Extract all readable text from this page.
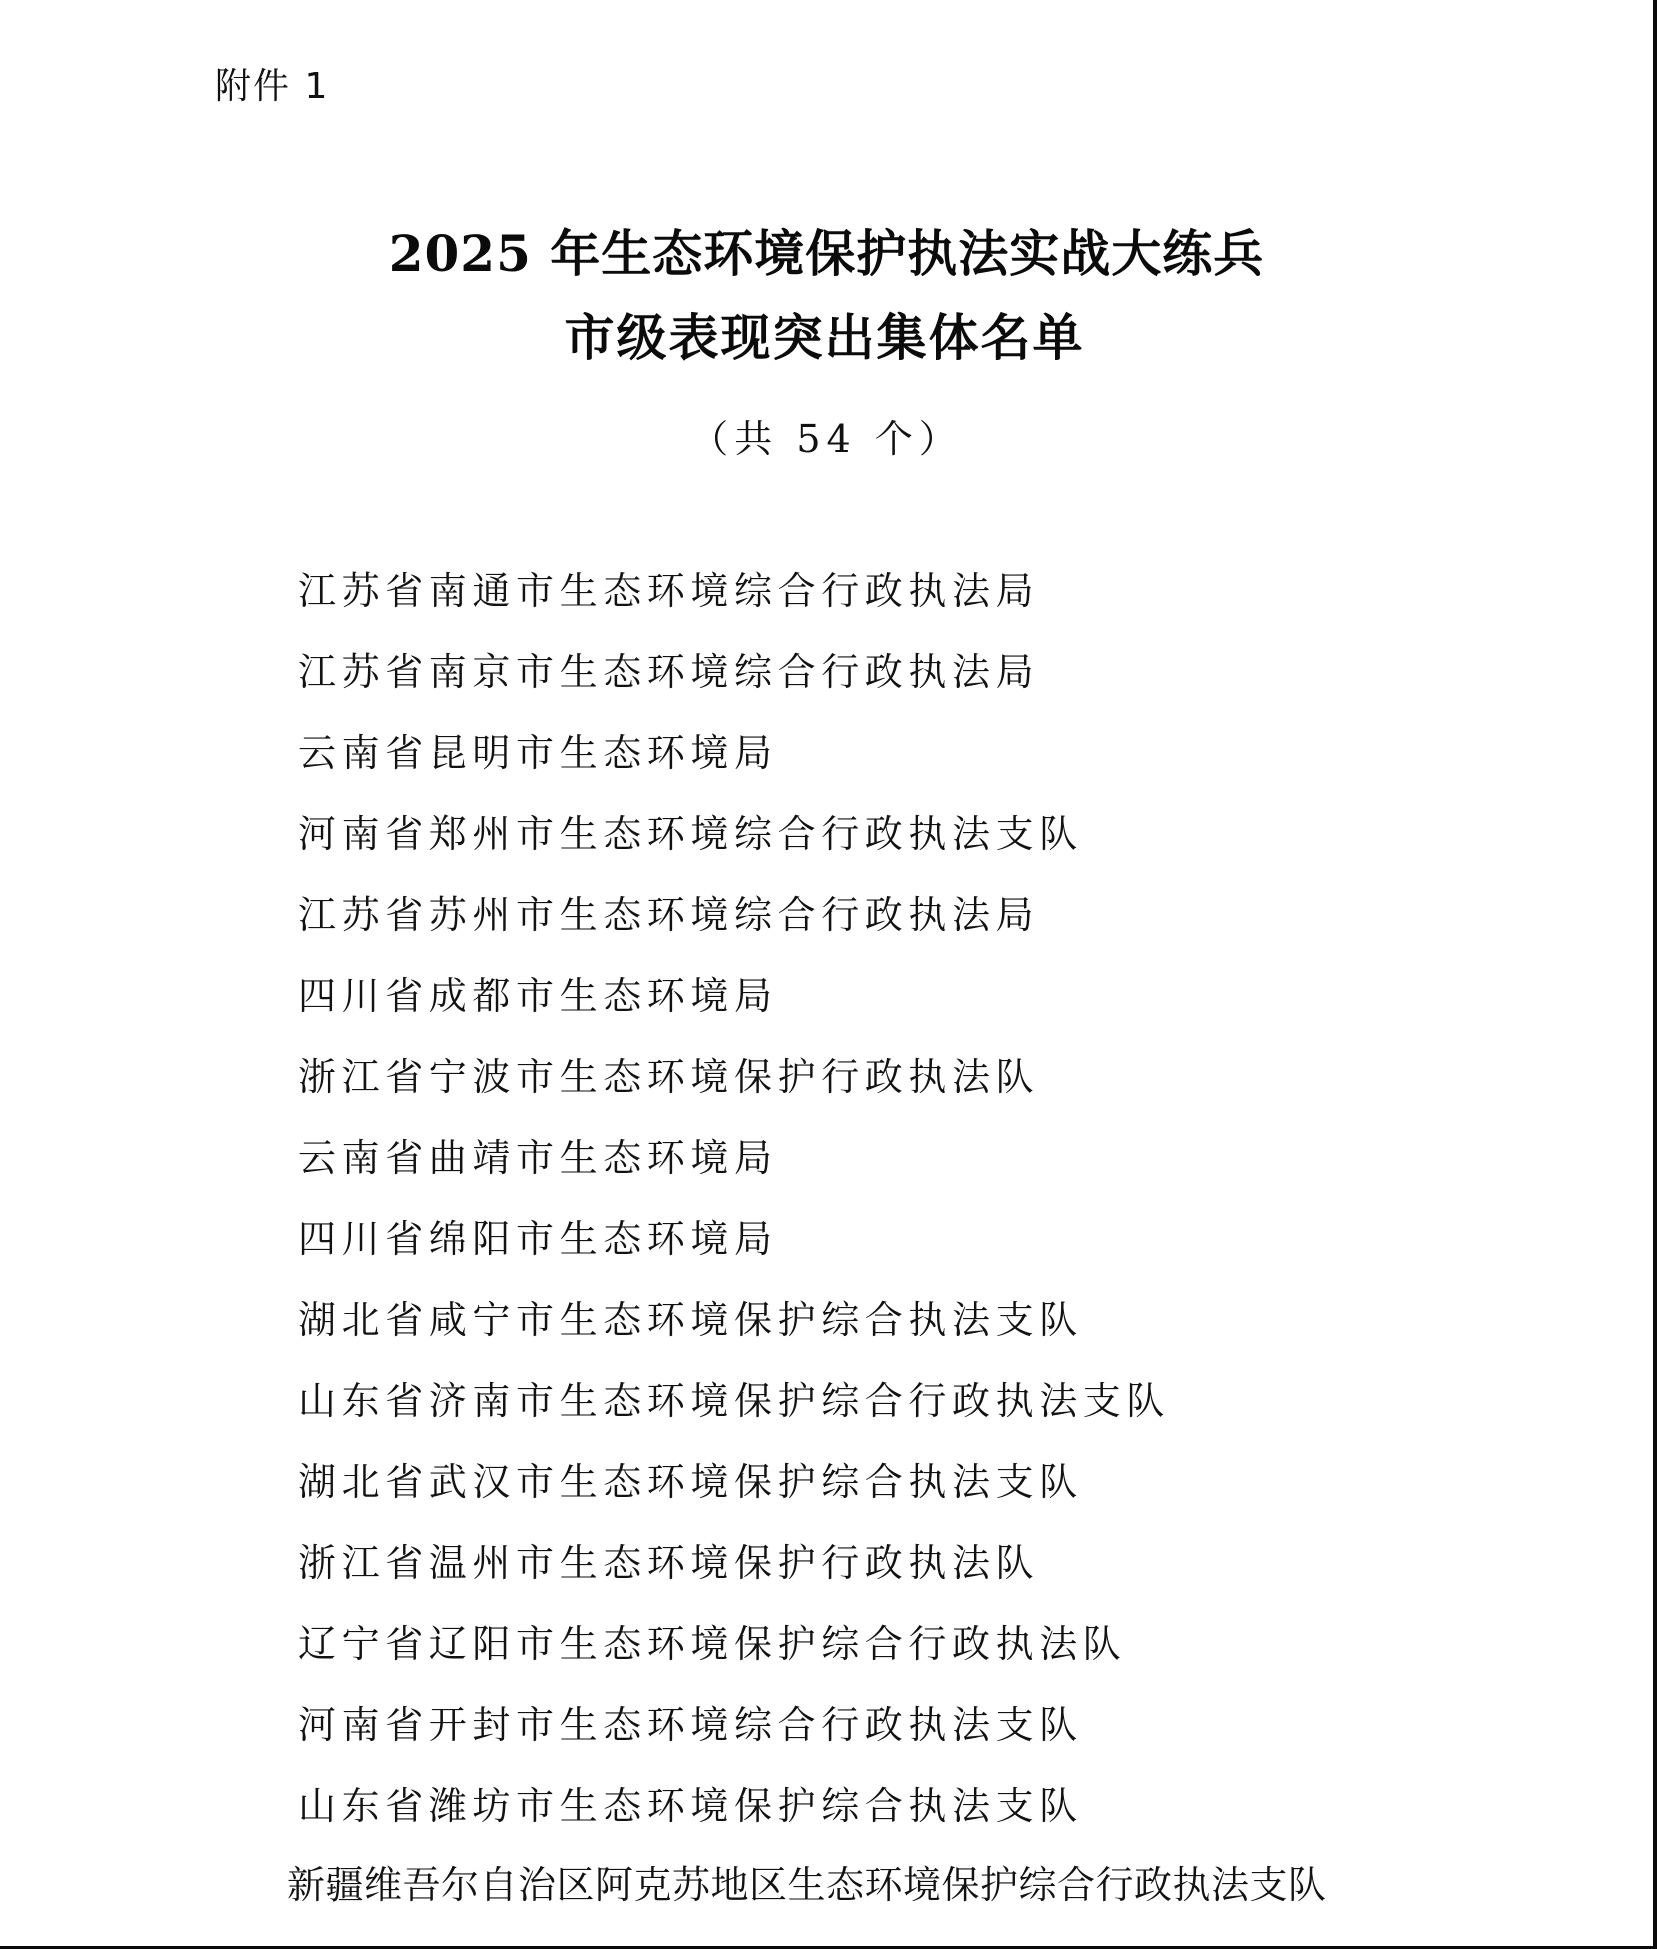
附件 1
2025 年生态环境保护执法实战大练兵
市级表现突出集体名单
（共 54 个）
江苏省南通市生态环境综合行政执法局
江苏省南京市生态环境综合行政执法局
云南省昆明市生态环境局
河南省郑州市生态环境综合行政执法支队
江苏省苏州市生态环境综合行政执法局
四川省成都市生态环境局
浙江省宁波市生态环境保护行政执法队
云南省曲靖市生态环境局
四川省绵阳市生态环境局
湖北省咸宁市生态环境保护综合执法支队
山东省济南市生态环境保护综合行政执法支队
湖北省武汉市生态环境保护综合执法支队
浙江省温州市生态环境保护行政执法队
辽宁省辽阳市生态环境保护综合行政执法队
河南省开封市生态环境综合行政执法支队
山东省潍坊市生态环境保护综合执法支队
新疆维吾尔自治区阿克苏地区生态环境保护综合行政执法支队
